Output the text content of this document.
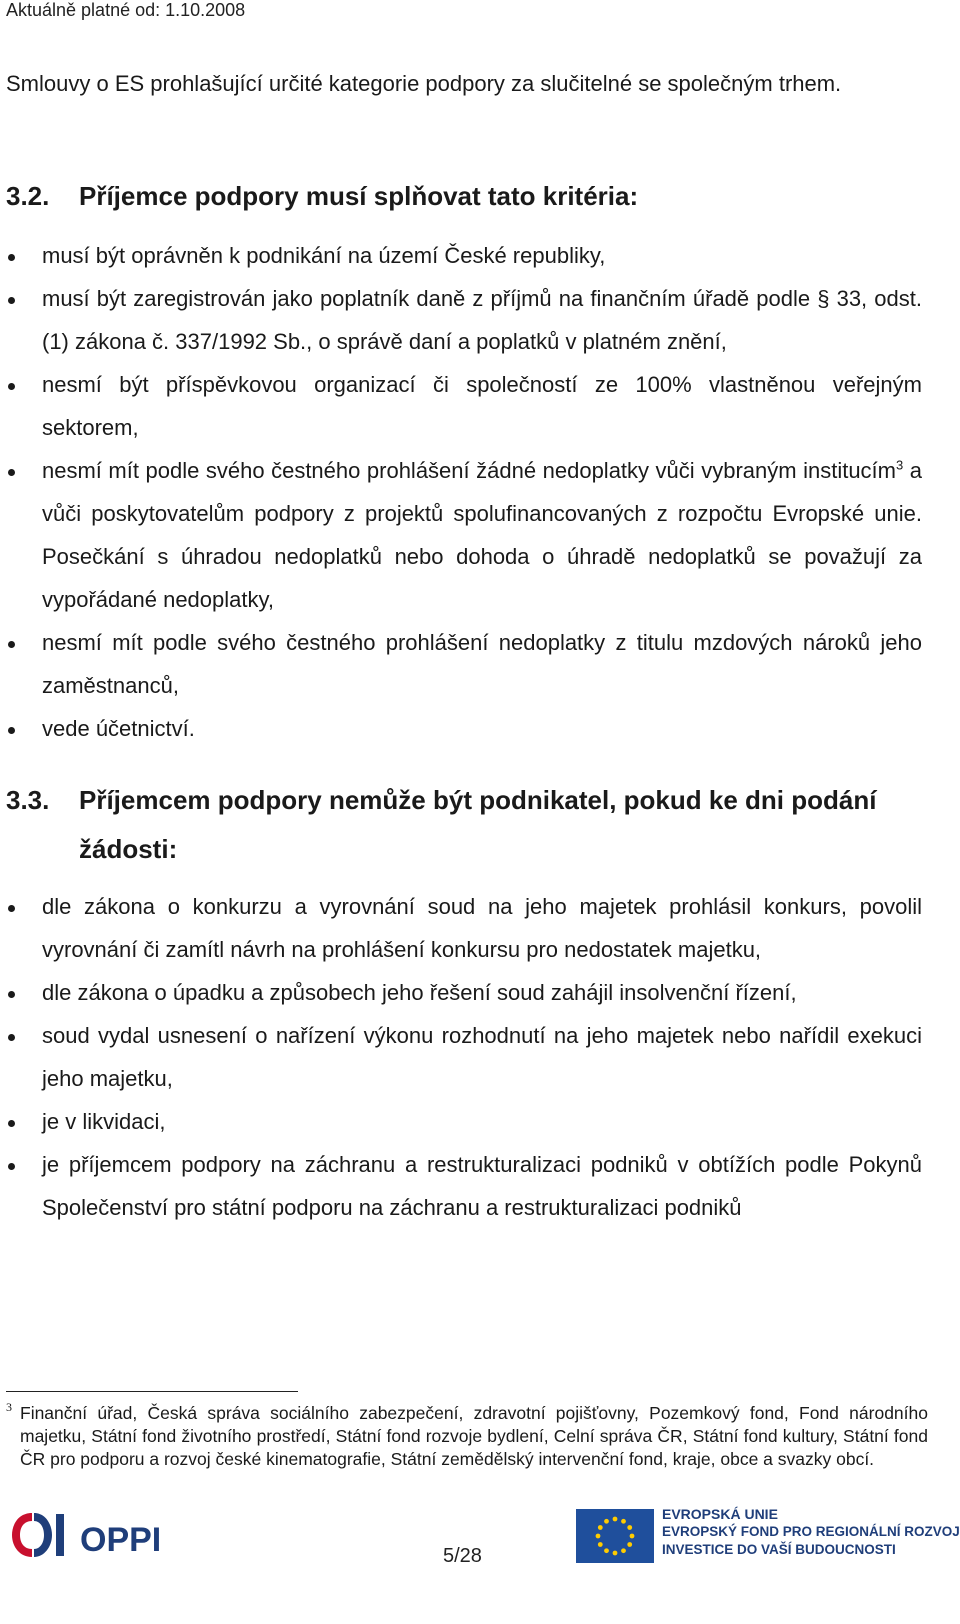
Aktuálně platné od: 1.10.2008
Smlouvy o ES prohlašující určité kategorie podpory za slučitelné se společným trhem.
3.2. Příjemce podpory musí splňovat tato kritéria:
musí být oprávněn k podnikání na území České republiky,
musí být zaregistrován jako poplatník daně z příjmů na finančním úřadě podle § 33, odst. (1) zákona č. 337/1992 Sb., o správě daní a poplatků v platném znění,
nesmí být příspěvkovou organizací či společností ze 100% vlastněnou veřejným sektorem,
nesmí mít podle svého čestného prohlášení žádné nedoplatky vůči vybraným institucím$^3$ a vůči poskytovatelům podpory z projektů spolufinancovaných z rozpočtu Evropské unie. Posečkání s úhradou nedoplatků nebo dohoda o úhradě nedoplatků se považují za vypořádané nedoplatky,
nesmí mít podle svého čestného prohlášení nedoplatky z titulu mzdových nároků jeho zaměstnanců,
vede účetnictví.
3.3. Příjemcem podpory nemůže být podnikatel, pokud ke dni podání žádosti:
dle zákona o konkurzu a vyrovnání soud na jeho majetek prohlásil konkurs, povolil vyrovnání či zamítl návrh na prohlášení konkursu pro nedostatek majetku,
dle zákona o úpadku a způsobech jeho řešení soud zahájil insolvenční řízení,
soud vydal usnesení o nařízení výkonu rozhodnutí na jeho majetek nebo nařídil exekuci jeho majetku,
je v likvidaci,
je příjemcem podpory na záchranu a restrukturalizaci podniků v obtížích podle Pokynů Společenství pro státní podporu na záchranu a restrukturalizaci podniků
3 Finanční úřad, Česká správa sociálního zabezpečení, zdravotní pojišťovny, Pozemkový fond, Fond národního majetku, Státní fond životního prostředí, Státní fond rozvoje bydlení, Celní správa ČR, Státní fond kultury, Státní fond ČR pro podporu a rozvoj české kinematografie, Státní zemědělský intervenční fond, kraje, obce a svazky obcí.
OPPI	5/28
EVROPSKÁ UNIE
EVROPSKÝ FOND PRO REGIONÁLNÍ ROZVOJ
INVESTICE DO VAŠÍ BUDOUCNOSTI
